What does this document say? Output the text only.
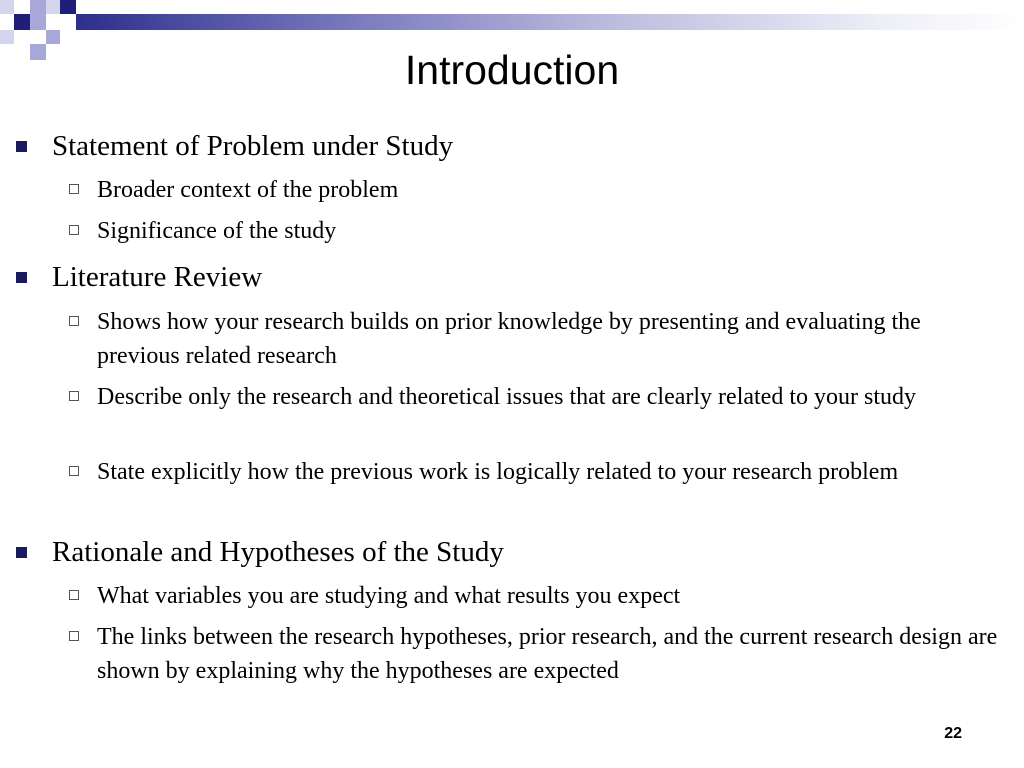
Introduction
Statement of Problem under Study
Broader context of the problem
Significance of the study
Literature Review
Shows how your research builds on prior knowledge by presenting and evaluating the previous related research
Describe only the research and theoretical issues that are clearly related to your study
State explicitly how the previous work is logically related to your research problem
Rationale and Hypotheses of the Study
What variables you are studying and what results you expect
The links between the research hypotheses, prior research, and the current research design are shown by explaining why the hypotheses are expected
22
